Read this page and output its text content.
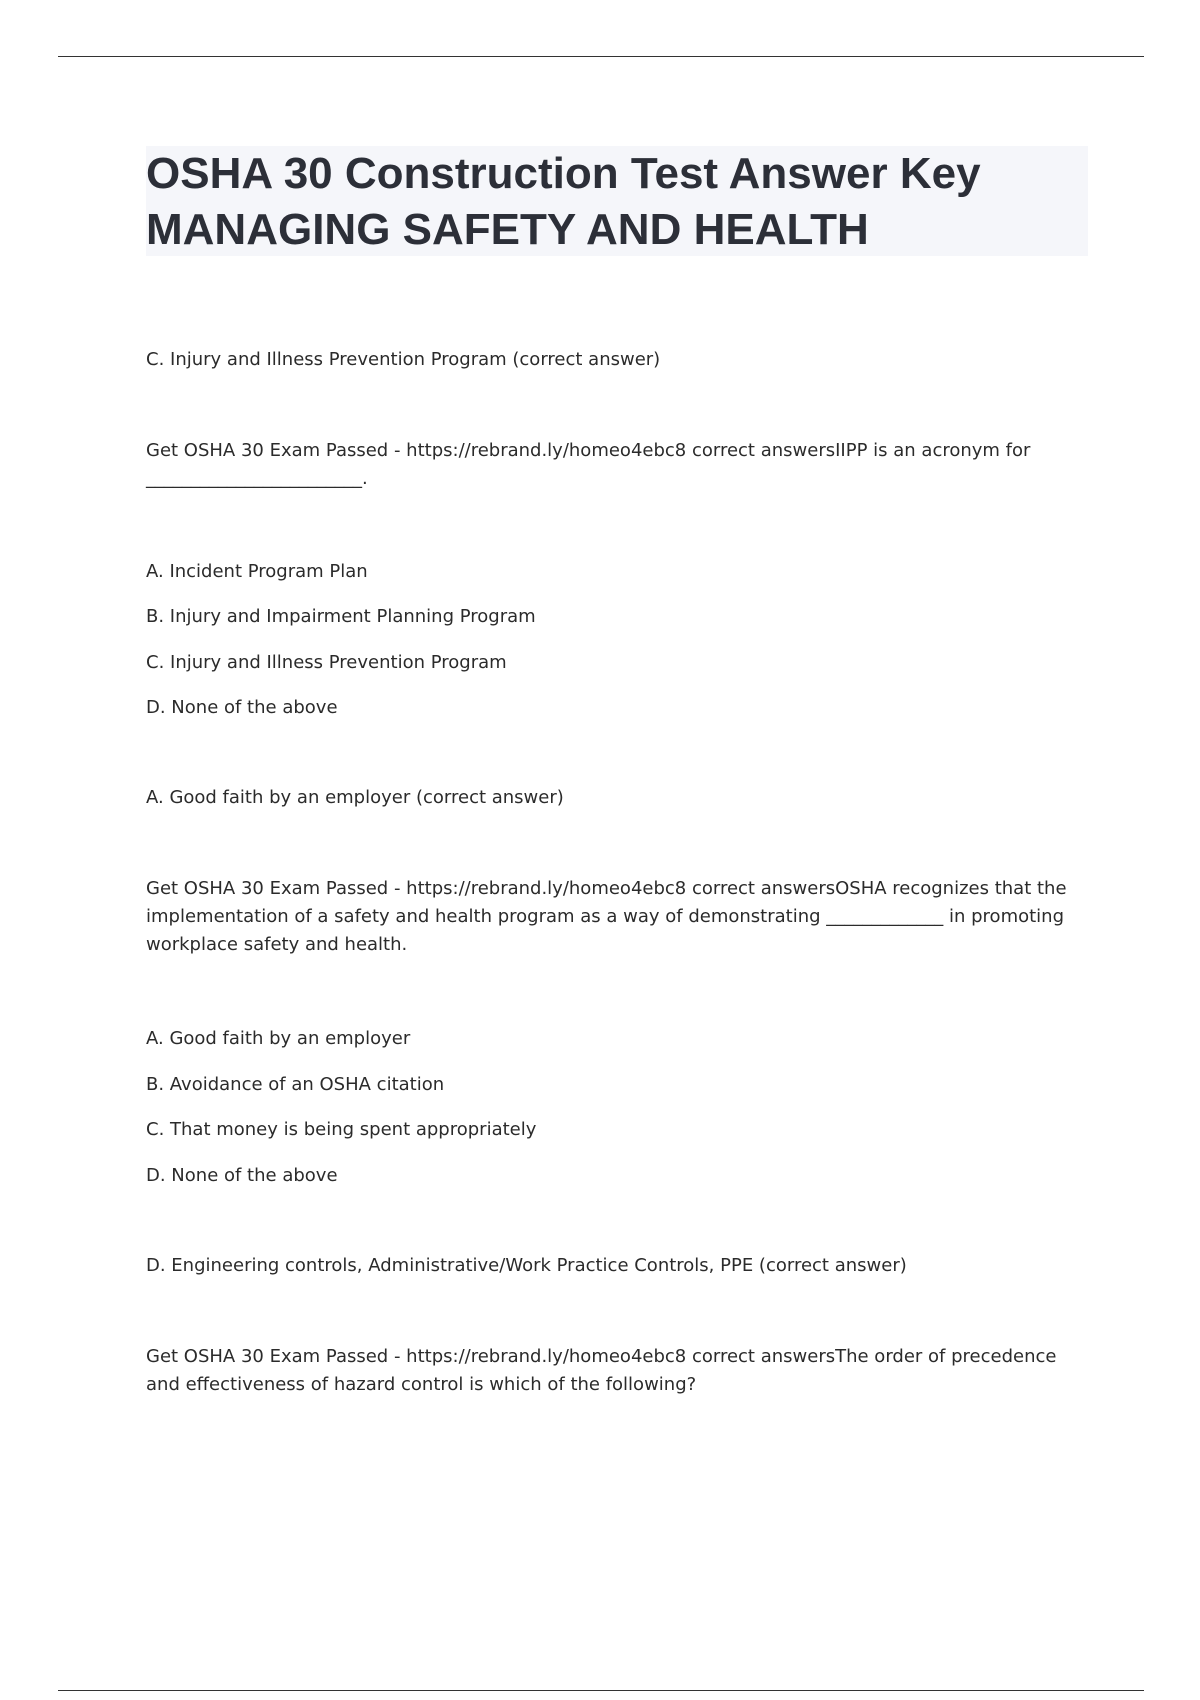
OSHA 30 Construction Test Answer Key
MANAGING SAFETY AND HEALTH

C. Injury and Illness Prevention Program (correct answer)

Get OSHA 30 Exam Passed - https://rebrand.ly/homeo4ebc8 correct answersIIPP is an acronym for ________________________.

A. Incident Program Plan

B. Injury and Impairment Planning Program

C. Injury and Illness Prevention Program

D. None of the above

A. Good faith by an employer (correct answer)

Get OSHA 30 Exam Passed - https://rebrand.ly/homeo4ebc8 correct answersOSHA recognizes that the implementation of a safety and health program as a way of demonstrating _____________ in promoting workplace safety and health.

A. Good faith by an employer

B. Avoidance of an OSHA citation

C. That money is being spent appropriately

D. None of the above

D. Engineering controls, Administrative/Work Practice Controls, PPE (correct answer)

Get OSHA 30 Exam Passed - https://rebrand.ly/homeo4ebc8 correct answersThe order of precedence and effectiveness of hazard control is which of the following?
